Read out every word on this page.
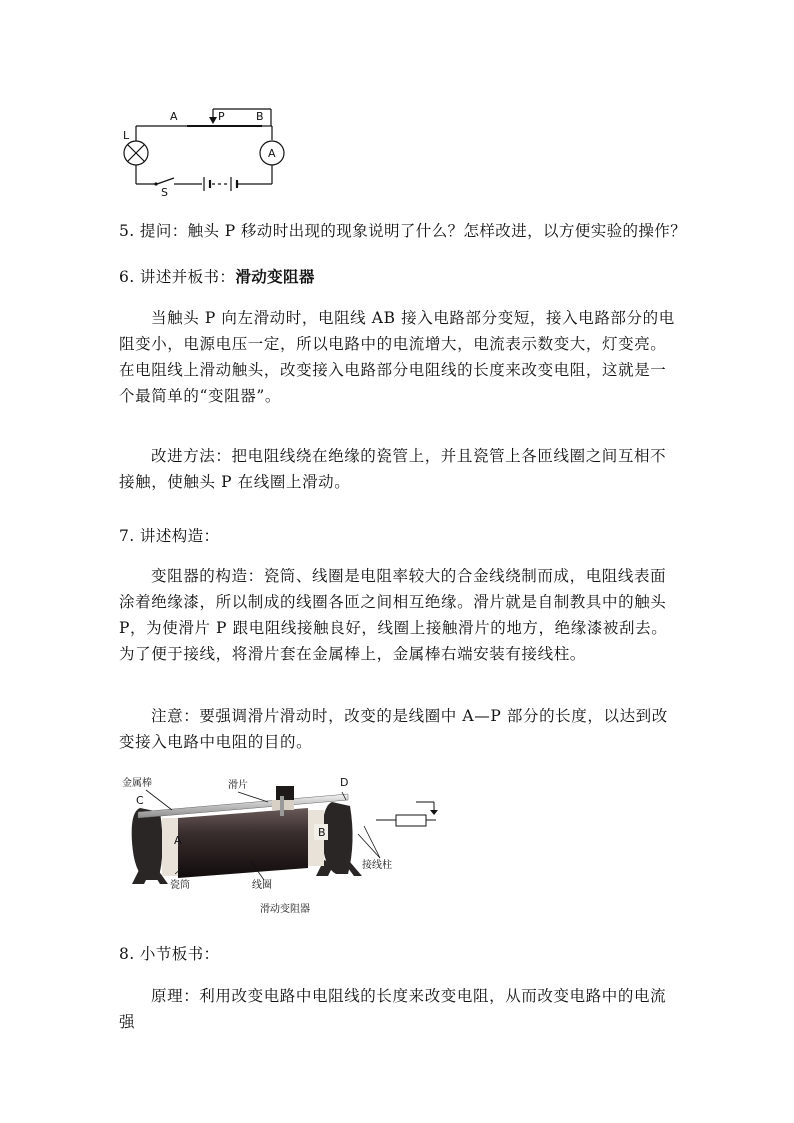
L
A	P	B
A
S
5. 提问：触头 P 移动时出现的现象说明了什么？怎样改进，以方便实验的操作？
6. 讲述并板书：滑动变阻器
当触头 P 向左滑动时，电阻线 AB 接入电路部分变短，接入电路部分的电阻变小，电源电压一定，所以电路中的电流增大，电流表示数变大，灯变亮。在电阻线上滑动触头，改变接入电路部分电阻线的长度来改变电阻，这就是一个最简单的“变阻器”。
改进方法：把电阻线绕在绝缘的瓷管上，并且瓷管上各匝线圈之间互相不接触，使触头 P 在线圈上滑动。
7. 讲述构造：
变阻器的构造：瓷筒、线圈是电阻率较大的合金线绕制而成，电阻线表面涂着绝缘漆，所以制成的线圈各匝之间相互绝缘。滑片就是自制教具中的触头 P，为使滑片 P 跟电阻线接触良好，线圈上接触滑片的地方，绝缘漆被刮去。为了便于接线，将滑片套在金属棒上，金属棒右端安装有接线柱。
注意：要强调滑片滑动时，改变的是线圈中 A—P 部分的长度，以达到改变接入电路中电阻的目的。
金属棒	滑片
C
D
A
B
瓷筒	线圈
接线柱
滑动变阻器
8. 小节板书：
原理：利用改变电路中电阻线的长度来改变电阻，从而改变电路中的电流强
